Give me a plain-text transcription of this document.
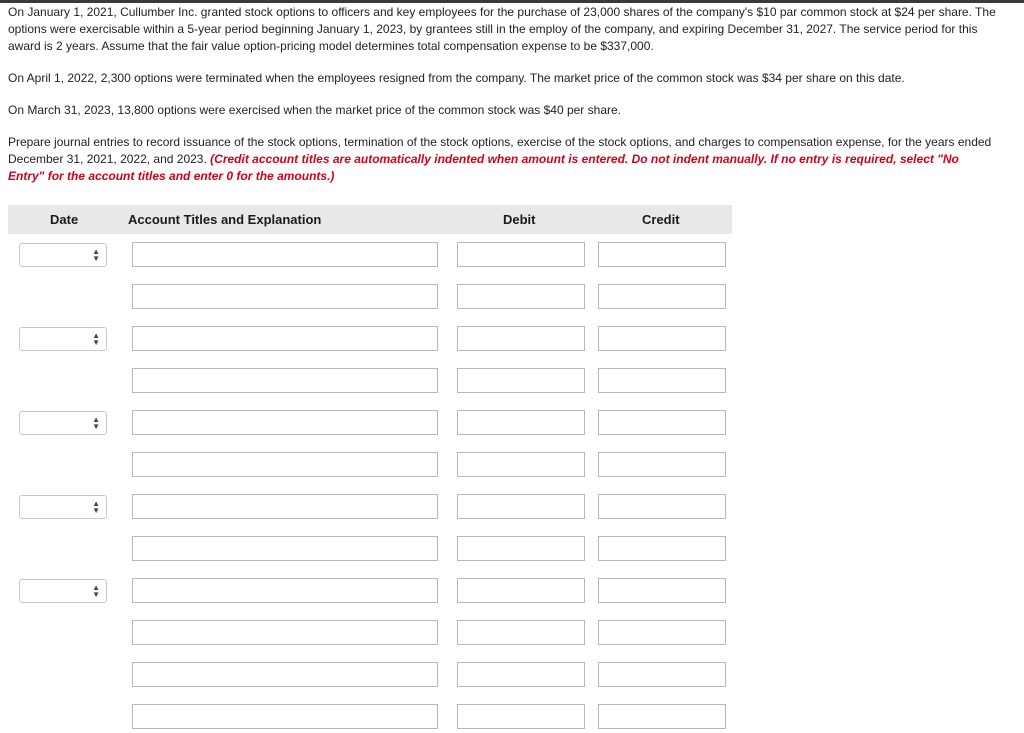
On January 1, 2021, Cullumber Inc. granted stock options to officers and key employees for the purchase of 23,000 shares of the company's $10 par common stock at $24 per share. The options were exercisable within a 5-year period beginning January 1, 2023, by grantees still in the employ of the company, and expiring December 31, 2027. The service period for this award is 2 years. Assume that the fair value option-pricing model determines total compensation expense to be $337,000.

On April 1, 2022, 2,300 options were terminated when the employees resigned from the company. The market price of the common stock was $34 per share on this date.

On March 31, 2023, 13,800 options were exercised when the market price of the common stock was $40 per share.

Prepare journal entries to record issuance of the stock options, termination of the stock options, exercise of the stock options, and charges to compensation expense, for the years ended December 31, 2021, 2022, and 2023. (Credit account titles are automatically indented when amount is entered. Do not indent manually. If no entry is required, select "No Entry" for the account titles and enter 0 for the amounts.)

Date	Account Titles and Explanation	Debit	Credit
▲
▼
▲
▼
▲
▼
▲
▼
▲
▼
